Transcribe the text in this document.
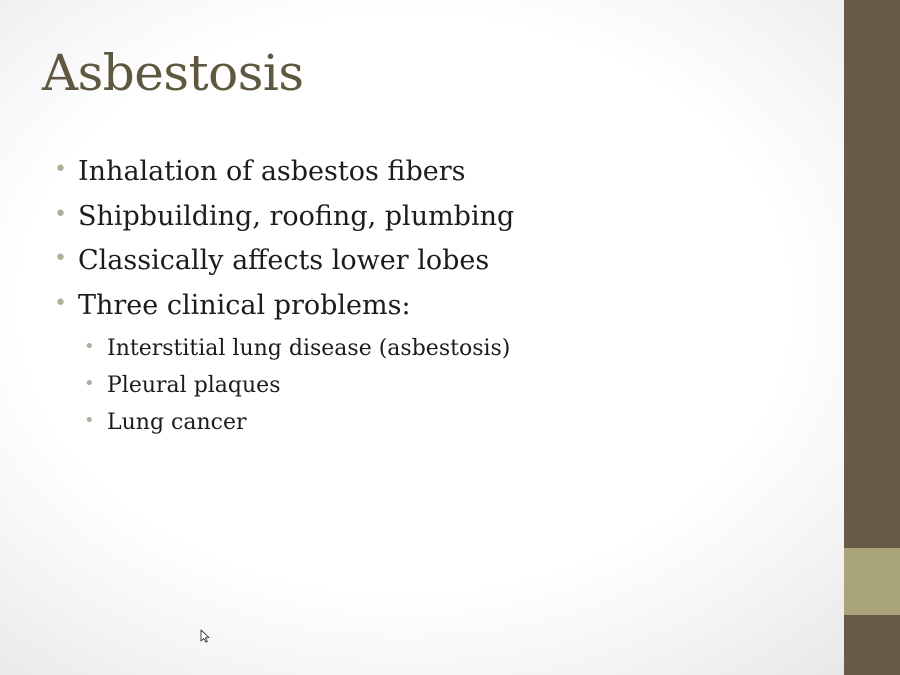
Asbestosis
• Inhalation of asbestos fibers
• Shipbuilding, roofing, plumbing
• Classically affects lower lobes
• Three clinical problems:
• Interstitial lung disease (asbestosis)
• Pleural plaques
• Lung cancer
